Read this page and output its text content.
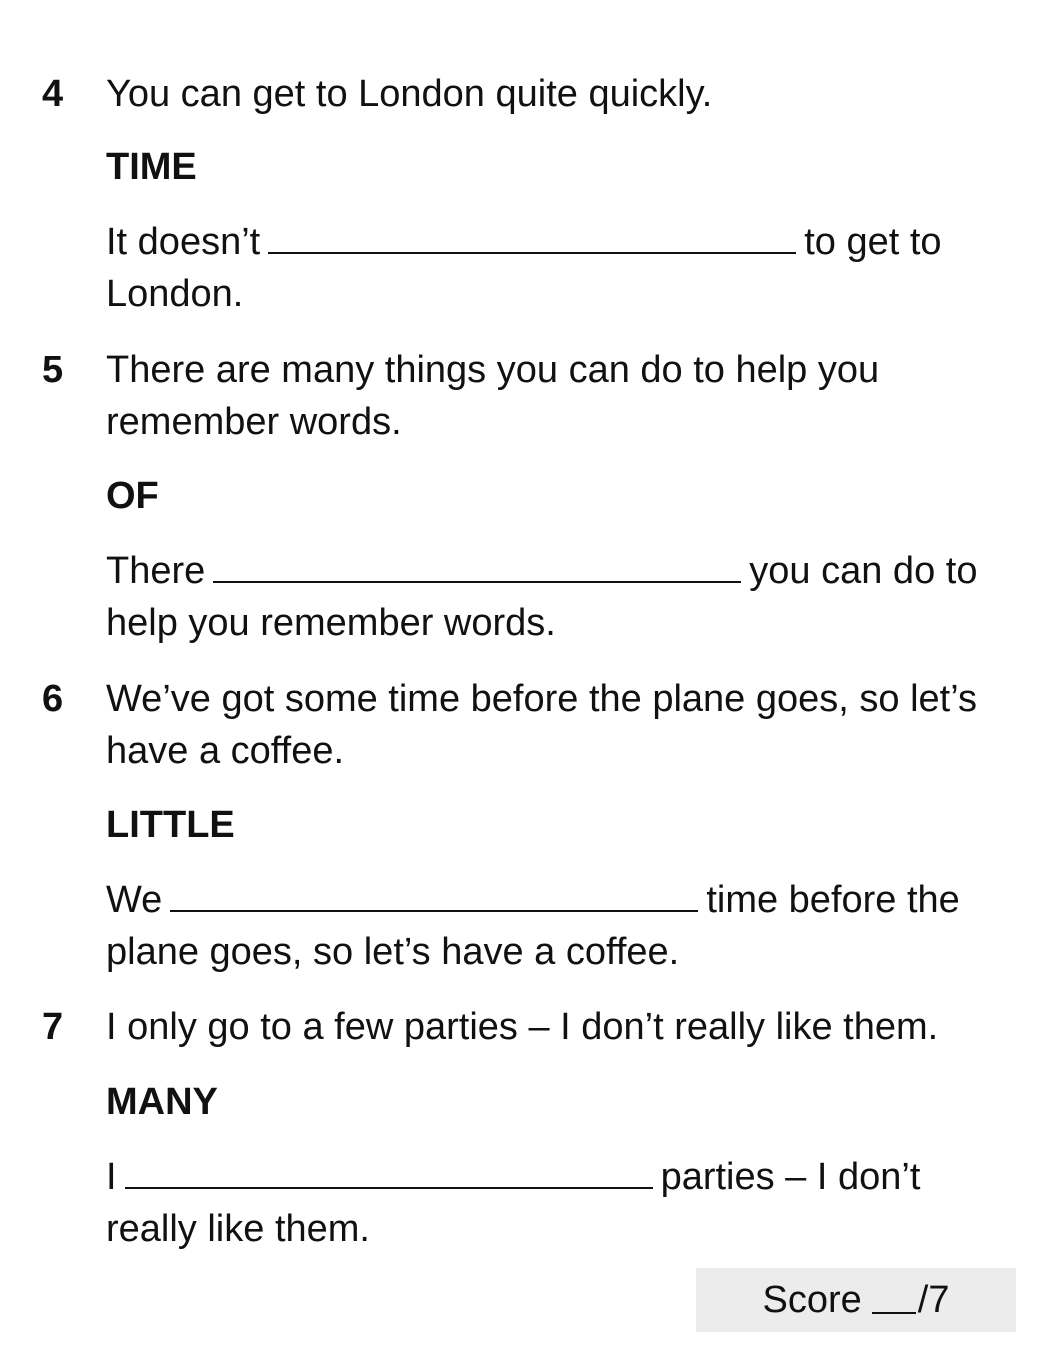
4 You can get to London quite quickly.
TIME
It doesn’t	to get to London.
5 There are many things you can do to help you remember words.
OF
There	you can do to help you remember words.
6 We’ve got some time before the plane goes, so let’s have a coffee.
LITTLE
We	time before the plane goes, so let’s have a coffee.
7 I only go to a few parties – I don’t really like them.
MANY
I	parties – I don’t really like them.
Score /7
